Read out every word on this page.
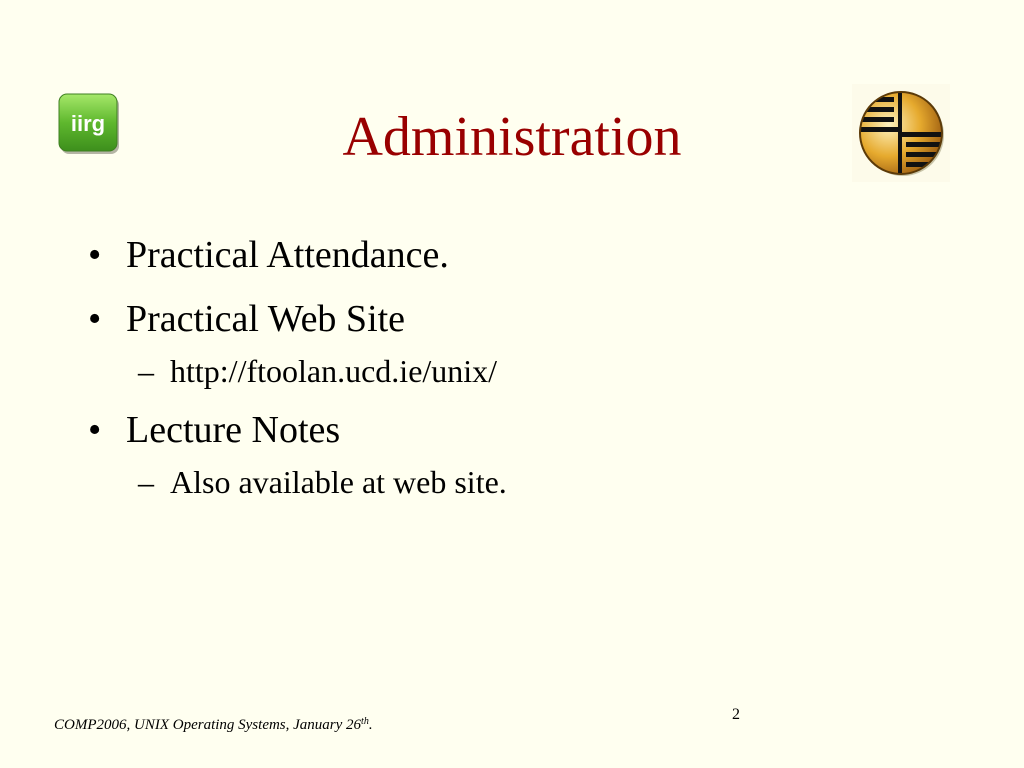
iirg	Administration
• Practical Attendance.
• Practical Web Site
– http://ftoolan.ucd.ie/unix/
• Lecture Notes
– Also available at web site.
2
COMP2006, UNIX Operating Systems, January 26th.
